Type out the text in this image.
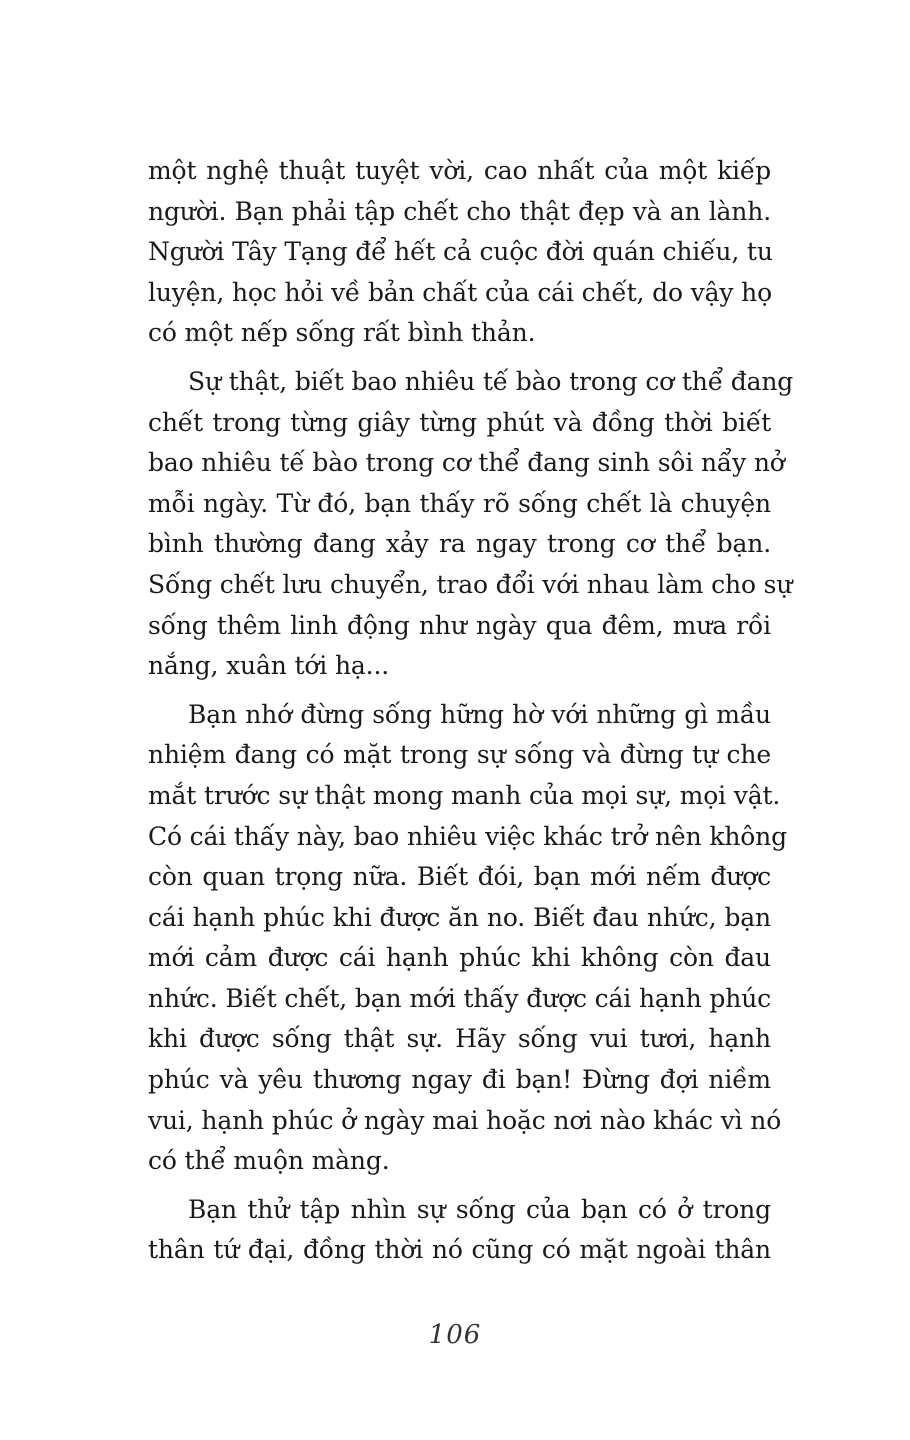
một nghệ thuật tuyệt vời, cao nhất của một kiếp
người. Bạn phải tập chết cho thật đẹp và an lành.
Người Tây Tạng để hết cả cuộc đời quán chiếu, tu
luyện, học hỏi về bản chất của cái chết, do vậy họ
có một nếp sống rất bình thản.
Sự thật, biết bao nhiêu tế bào trong cơ thể đang
chết trong từng giây từng phút và đồng thời biết
bao nhiêu tế bào trong cơ thể đang sinh sôi nẩy nở
mỗi ngày. Từ đó, bạn thấy rõ sống chết là chuyện
bình thường đang xảy ra ngay trong cơ thể bạn.
Sống chết lưu chuyển, trao đổi với nhau làm cho sự
sống thêm linh động như ngày qua đêm, mưa rồi
nắng, xuân tới hạ...
Bạn nhớ đừng sống hững hờ với những gì mầu
nhiệm đang có mặt trong sự sống và đừng tự che
mắt trước sự thật mong manh của mọi sự, mọi vật.
Có cái thấy này, bao nhiêu việc khác trở nên không
còn quan trọng nữa. Biết đói, bạn mới nếm được
cái hạnh phúc khi được ăn no. Biết đau nhức, bạn
mới cảm được cái hạnh phúc khi không còn đau
nhức. Biết chết, bạn mới thấy được cái hạnh phúc
khi được sống thật sự. Hãy sống vui tươi, hạnh
phúc và yêu thương ngay đi bạn! Đừng đợi niềm
vui, hạnh phúc ở ngày mai hoặc nơi nào khác vì nó
có thể muộn màng.
Bạn thử tập nhìn sự sống của bạn có ở trong
thân tứ đại, đồng thời nó cũng có mặt ngoài thân
106
